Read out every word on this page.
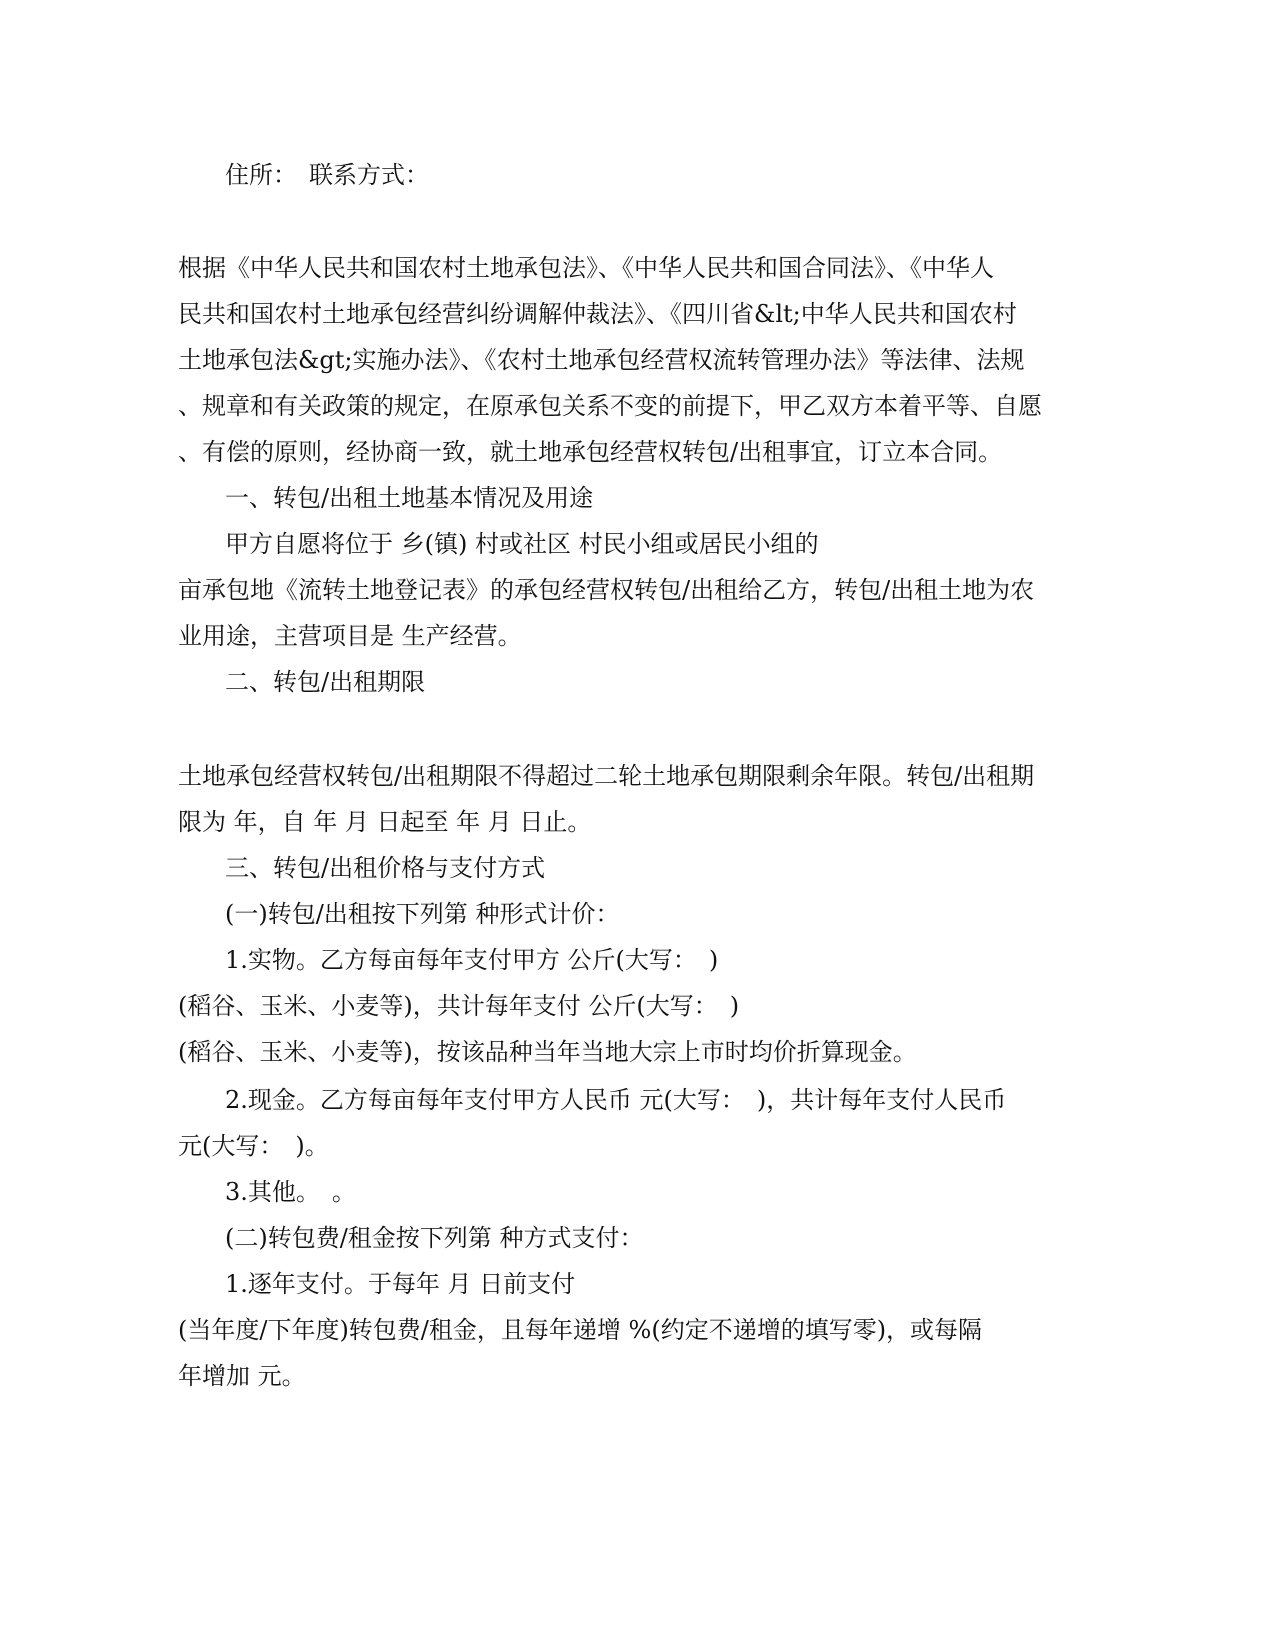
住所：　联系方式：
根据《中华人民共和国农村土地承包法》、《中华人民共和国合同法》、《中华人
民共和国农村土地承包经营纠纷调解仲裁法》、《四川省&lt;中华人民共和国农村
土地承包法&gt;实施办法》、《农村土地承包经营权流转管理办法》等法律、法规
、规章和有关政策的规定，在原承包关系不变的前提下，甲乙双方本着平等、自愿
、有偿的原则，经协商一致，就土地承包经营权转包/出租事宜，订立本合同。
一、转包/出租土地基本情况及用途
甲方自愿将位于 乡(镇) 村或社区 村民小组或居民小组的
亩承包地《流转土地登记表》的承包经营权转包/出租给乙方，转包/出租土地为农
业用途，主营项目是 生产经营。
二、转包/出租期限
土地承包经营权转包/出租期限不得超过二轮土地承包期限剩余年限。转包/出租期
限为 年，自 年 月 日起至 年 月 日止。
三、转包/出租价格与支付方式
(一)转包/出租按下列第 种形式计价：
1.实物。乙方每亩每年支付甲方 公斤(大写：　)
(稻谷、玉米、小麦等)，共计每年支付 公斤(大写：　)
(稻谷、玉米、小麦等)，按该品种当年当地大宗上市时均价折算现金。
2.现金。乙方每亩每年支付甲方人民币 元(大写：　)，共计每年支付人民币
元(大写：　)。
3.其他。　。
(二)转包费/租金按下列第 种方式支付：
1.逐年支付。于每年 月 日前支付
(当年度/下年度)转包费/租金，且每年递增 %(约定不递增的填写零)，或每隔
年增加 元。
